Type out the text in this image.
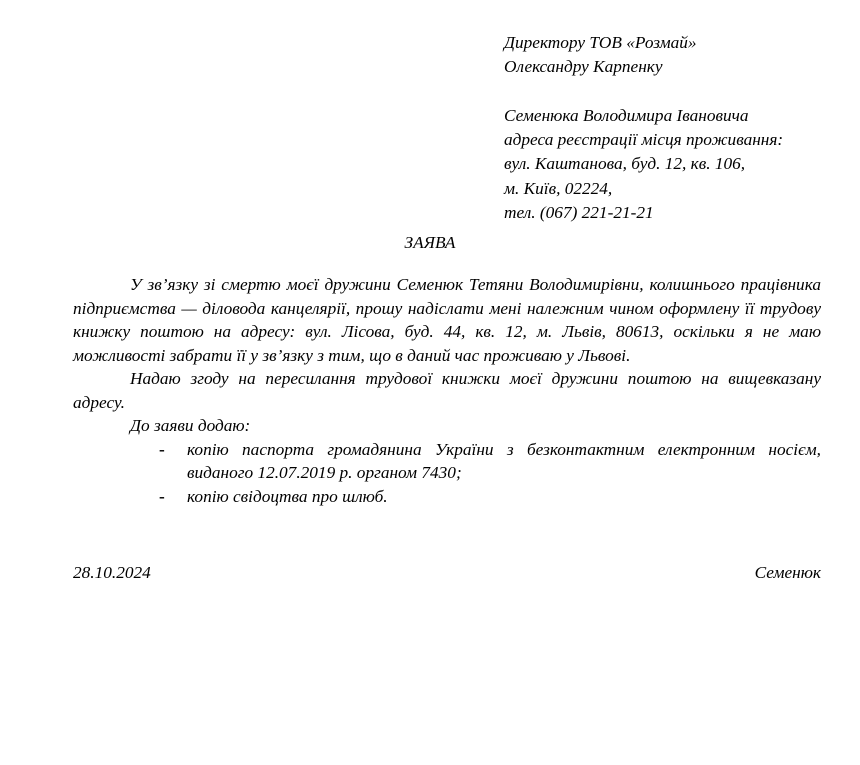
Директору ТОВ «Розмай»
Олександру Карпенку
Семенюка Володимира Івановича
адреса реєстрації місця проживання:
вул. Каштанова, буд. 12, кв. 106,
м. Київ, 02224,
тел. (067) 221-21-21
ЗАЯВА

У зв’язку зі смертю моєї дружини Семенюк Тетяни Володимирівни, колишнього працівника підприємства — діловода канцелярії, прошу надіслати мені належним чином оформлену її трудову книжку поштою на адресу: вул. Лісова, буд. 44, кв. 12, м. Львів, 80613, оскільки я не маю можливості забрати її у зв’язку з тим, що в даний час проживаю у Львові.

Надаю згоду на пересилання трудової книжки моєї дружини поштою на вищевказану адресу.

До заяви додаю:

- копію паспорта громадянина України з безконтактним електронним носієм, виданого 12.07.2019 р. органом 7430;
- копію свідоцтва про шлюб.
28.10.2024	Семенюк
